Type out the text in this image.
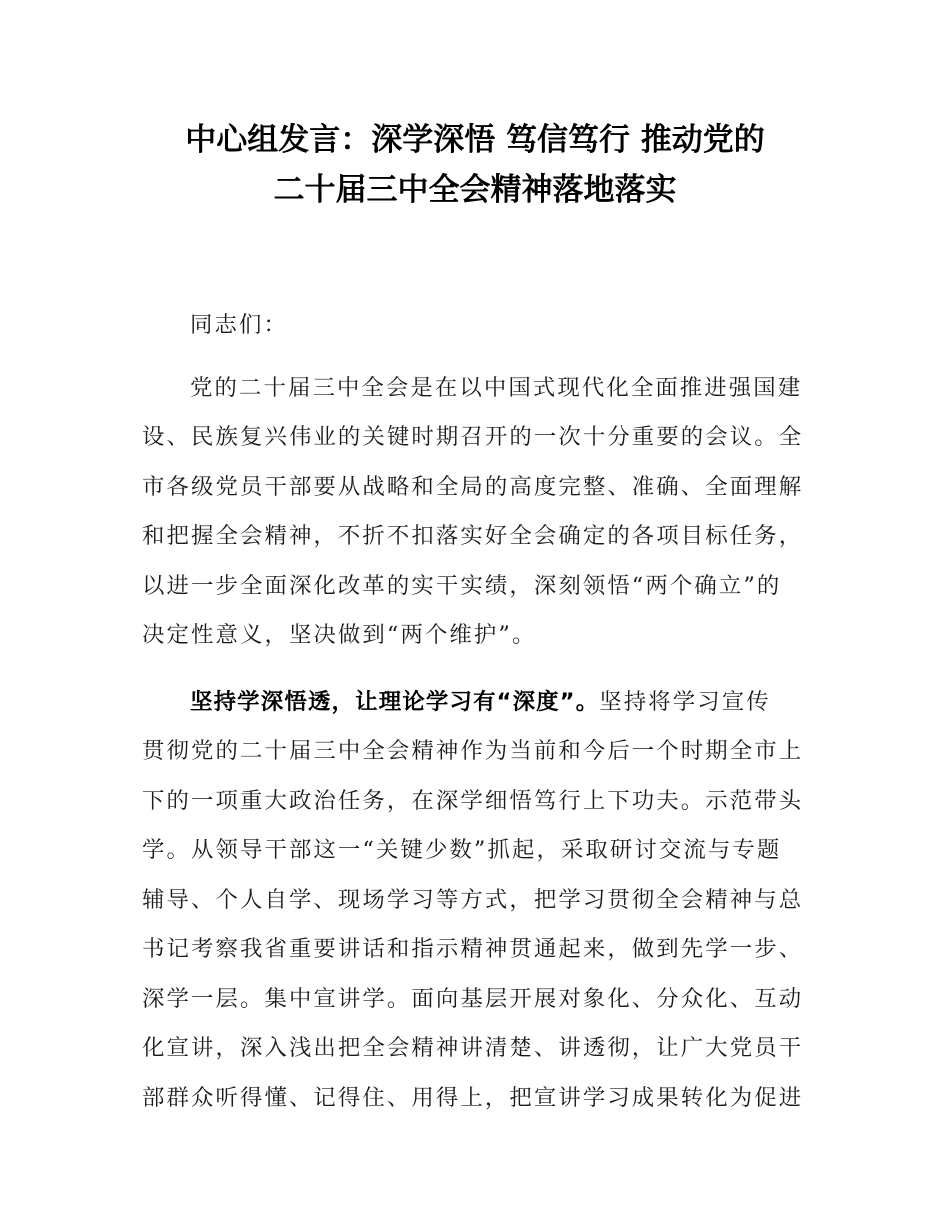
中心组发言：深学深悟 笃信笃行 推动党的
二十届三中全会精神落地落实
同志们：
党的二十届三中全会是在以中国式现代化全面推进强国建
设、民族复兴伟业的关键时期召开的一次十分重要的会议。全
市各级党员干部要从战略和全局的高度完整、准确、全面理解
和把握全会精神，不折不扣落实好全会确定的各项目标任务，
以进一步全面深化改革的实干实绩，深刻领悟“两个确立”的
决定性意义，坚决做到“两个维护”。
坚持学深悟透，让理论学习有“深度”。坚持将学习宣传
贯彻党的二十届三中全会精神作为当前和今后一个时期全市上
下的一项重大政治任务，在深学细悟笃行上下功夫。示范带头
学。从领导干部这一“关键少数”抓起，采取研讨交流与专题
辅导、个人自学、现场学习等方式，把学习贯彻全会精神与总
书记考察我省重要讲话和指示精神贯通起来，做到先学一步、
深学一层。集中宣讲学。面向基层开展对象化、分众化、互动
化宣讲，深入浅出把全会精神讲清楚、讲透彻，让广大党员干
部群众听得懂、记得住、用得上，把宣讲学习成果转化为促进
